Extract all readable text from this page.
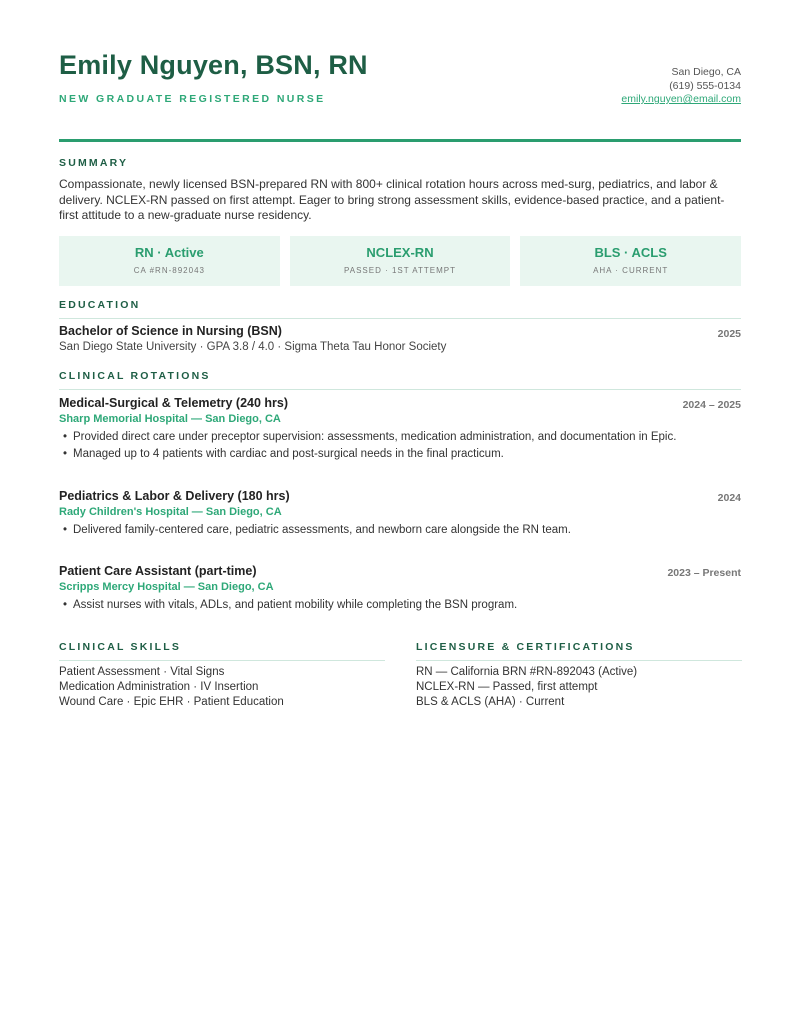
Emily Nguyen, BSN, RN
NEW GRADUATE REGISTERED NURSE
San Diego, CA
(619) 555-0134
emily.nguyen@email.com
SUMMARY

Compassionate, newly licensed BSN-prepared RN with 800+ clinical rotation hours across med-surg, pediatrics, and labor & delivery. NCLEX-RN passed on first attempt. Eager to bring strong assessment skills, evidence-based practice, and a patient-first attitude to a new-graduate nurse residency.

RN · Active
CA #RN-892043
NCLEX-RN
PASSED · 1ST ATTEMPT
BLS · ACLS
AHA · CURRENT
EDUCATION
Bachelor of Science in Nursing (BSN)	2025
San Diego State University · GPA 3.8 / 4.0 · Sigma Theta Tau Honor Society
CLINICAL ROTATIONS
Medical-Surgical & Telemetry (240 hrs)	2024 – 2025
Sharp Memorial Hospital — San Diego, CA
• Provided direct care under preceptor supervision: assessments, medication administration, and documentation in Epic.
• Managed up to 4 patients with cardiac and post-surgical needs in the final practicum.
Pediatrics & Labor & Delivery (180 hrs)	2024
Rady Children's Hospital — San Diego, CA
• Delivered family-centered care, pediatric assessments, and newborn care alongside the RN team.
Patient Care Assistant (part-time)	2023 – Present
Scripps Mercy Hospital — San Diego, CA
• Assist nurses with vitals, ADLs, and patient mobility while completing the BSN program.
CLINICAL SKILLS
Patient Assessment · Vital Signs
Medication Administration · IV Insertion
Wound Care · Epic EHR · Patient Education
LICENSURE & CERTIFICATIONS
RN — California BRN #RN-892043 (Active)
NCLEX-RN — Passed, first attempt
BLS & ACLS (AHA) · Current
